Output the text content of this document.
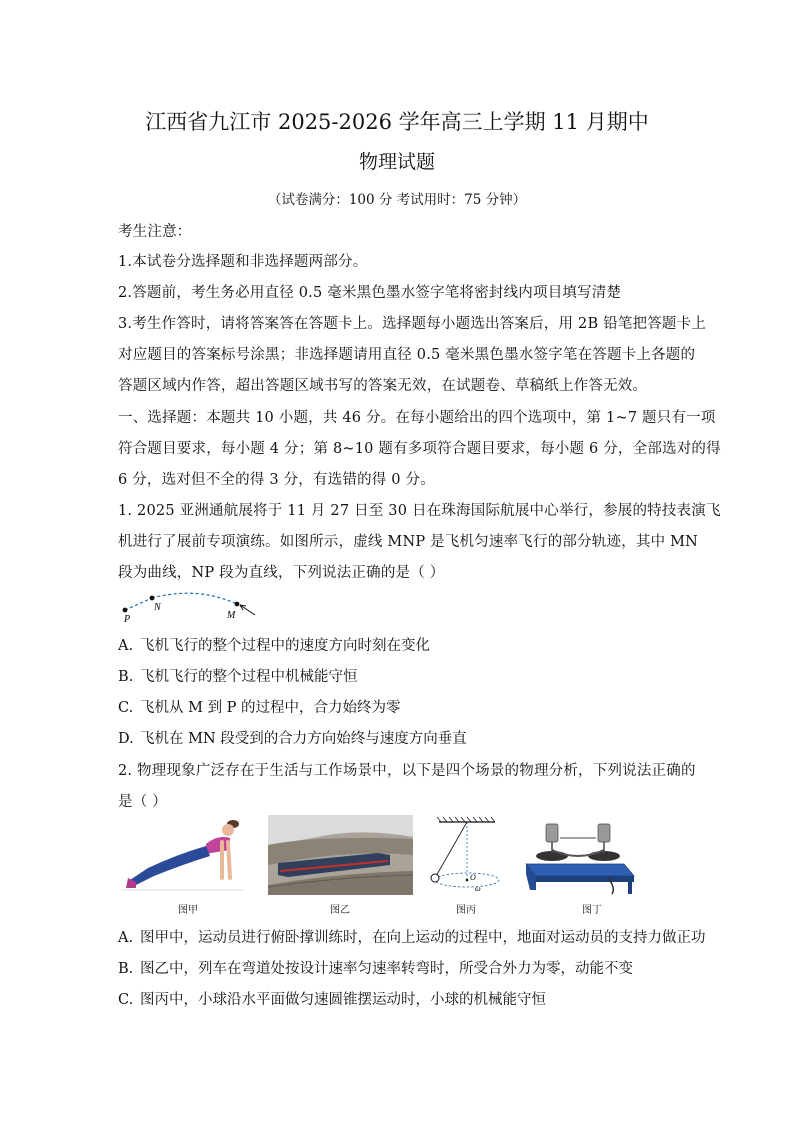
江西省九江市 2025-2026 学年高三上学期 11 月期中
物理试题
（试卷满分：100 分 考试用时：75 分钟）
考生注意：
1.本试卷分选择题和非选择题两部分。
2.答题前，考生务必用直径 0.5 毫米黑色墨水签字笔将密封线内项目填写清楚
3.考生作答时，请将答案答在答题卡上。选择题每小题选出答案后，用 2B 铅笔把答题卡上
对应题目的答案标号涂黑；非选择题请用直径 0.5 毫米黑色墨水签字笔在答题卡上各题的
答题区域内作答，超出答题区域书写的答案无效，在试题卷、草稿纸上作答无效。
一、选择题：本题共 10 小题，共 46 分。在每小题给出的四个选项中，第 1~7 题只有一项
符合题目要求，每小题 4 分；第 8~10 题有多项符合题目要求，每小题 6 分，全部选对的得
6 分，选对但不全的得 3 分，有选错的得 0 分。
1. 2025 亚洲通航展将于 11 月 27 日至 30 日在珠海国际航展中心举行，参展的特技表演飞
机进行了展前专项演练。如图所示，虚线 MNP 是飞机匀速率飞行的部分轨迹，其中 MN
段为曲线，NP 段为直线，下列说法正确的是（ ）
P
N
M
A. 飞机飞行的整个过程中的速度方向时刻在变化
B. 飞机飞行的整个过程中机械能守恒
C. 飞机从 M 到 P 的过程中，合力始终为零
D. 飞机在 MN 段受到的合力方向始终与速度方向垂直
2. 物理现象广泛存在于生活与工作场景中，以下是四个场景的物理分析，下列说法正确的
是（ ）
图甲	图乙
O
ω
图丙	图丁
A. 图甲中，运动员进行俯卧撑训练时，在向上运动的过程中，地面对运动员的支持力做正功
B. 图乙中，列车在弯道处按设计速率匀速率转弯时，所受合外力为零，动能不变
C. 图丙中，小球沿水平面做匀速圆锥摆运动时，小球的机械能守恒
